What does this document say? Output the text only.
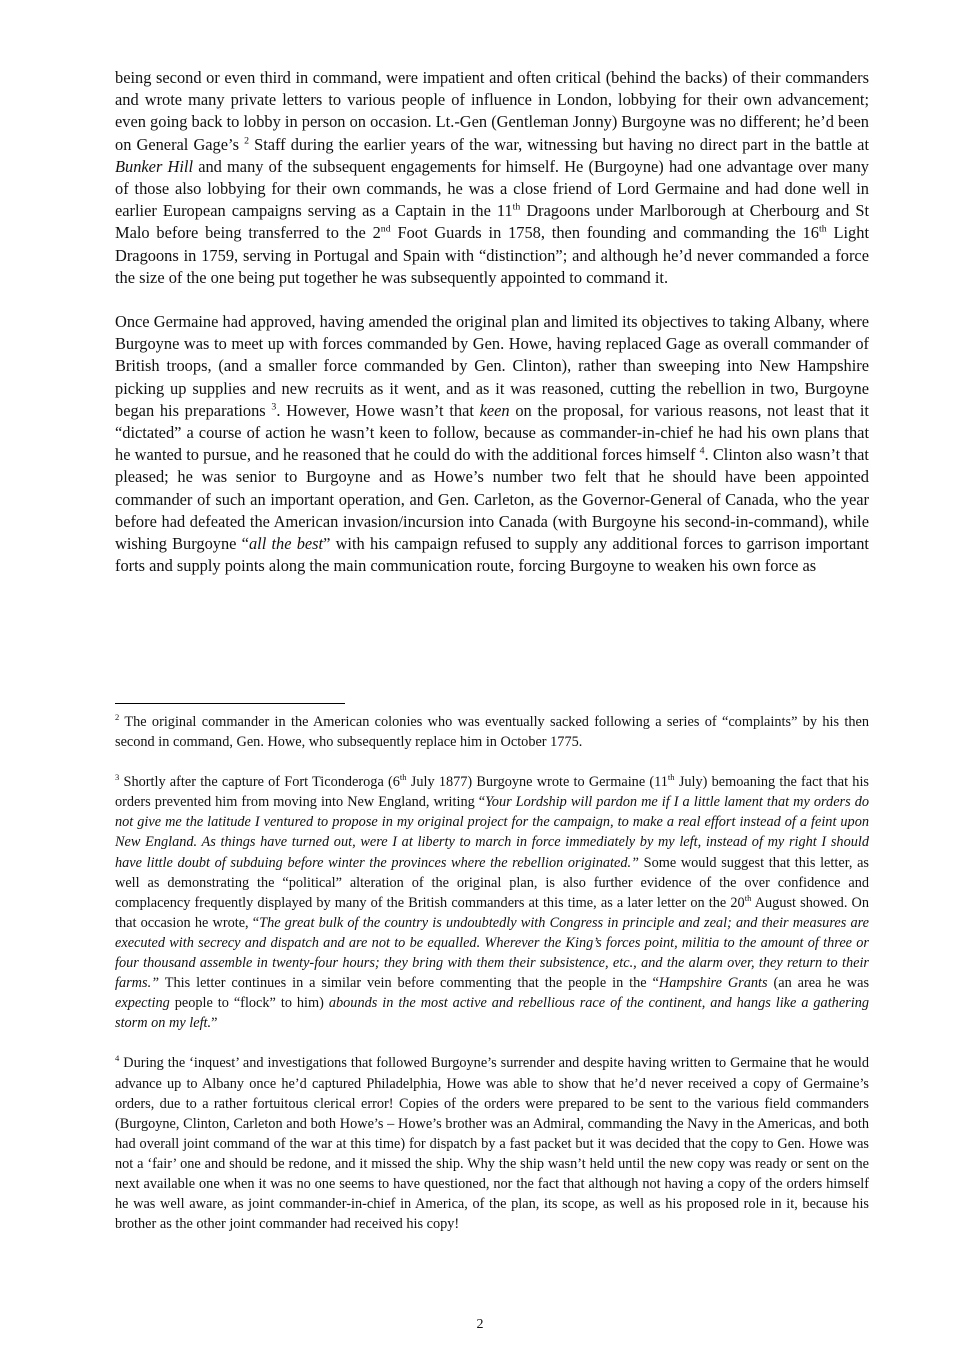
being second or even third in command, were impatient and often critical (behind the backs) of their commanders and wrote many private letters to various people of influence in London, lobbying for their own advancement; even going back to lobby in person on occasion. Lt.-Gen (Gentleman Jonny) Burgoyne was no different; he’d been on General Gage’s $^2$ Staff during the earlier years of the war, witnessing but having no direct part in the battle at Bunker Hill and many of the subsequent engagements for himself. He (Burgoyne) had one advantage over many of those also lobbying for their own commands, he was a close friend of Lord Germaine and had done well in earlier European campaigns serving as a Captain in the 11th Dragoons under Marlborough at Cherbourg and St Malo before being transferred to the 2nd Foot Guards in 1758, then founding and commanding the 16th Light Dragoons in 1759, serving in Portugal and Spain with “distinction”; and although he’d never commanded a force the size of the one being put together he was subsequently appointed to command it.

Once Germaine had approved, having amended the original plan and limited its objectives to taking Albany, where Burgoyne was to meet up with forces commanded by Gen. Howe, having replaced Gage as overall commander of British troops, (and a smaller force commanded by Gen. Clinton), rather than sweeping into New Hampshire picking up supplies and new recruits as it went, and as it was reasoned, cutting the rebellion in two, Burgoyne began his preparations $^3$. However, Howe wasn’t that keen on the proposal, for various reasons, not least that it “dictated” a course of action he wasn’t keen to follow, because as commander-in-chief he had his own plans that he wanted to pursue, and he reasoned that he could do with the additional forces himself $^4$. Clinton also wasn’t that pleased; he was senior to Burgoyne and as Howe’s number two felt that he should have been appointed commander of such an important operation, and Gen. Carleton, as the Governor-General of Canada, who the year before had defeated the American invasion/incursion into Canada (with Burgoyne his second-in-command), while wishing Burgoyne “all the best” with his campaign refused to supply any additional forces to garrison important forts and supply points along the main communication route, forcing Burgoyne to weaken his own force as

$^2$ The original commander in the American colonies who was eventually sacked following a series of “complaints” by his then second in command, Gen. Howe, who subsequently replace him in October 1775.

$^3$ Shortly after the capture of Fort Ticonderoga (6th July 1877) Burgoyne wrote to Germaine (11th July) bemoaning the fact that his orders prevented him from moving into New England, writing “Your Lordship will pardon me if I a little lament that my orders do not give me the latitude I ventured to propose in my original project for the campaign, to make a real effort instead of a feint upon New England. As things have turned out, were I at liberty to march in force immediately by my left, instead of my right I should have little doubt of subduing before winter the provinces where the rebellion originated.” Some would suggest that this letter, as well as demonstrating the “political” alteration of the original plan, is also further evidence of the over confidence and complacency frequently displayed by many of the British commanders at this time, as a later letter on the 20th August showed. On that occasion he wrote, “The great bulk of the country is undoubtedly with Congress in principle and zeal; and their measures are executed with secrecy and dispatch and are not to be equalled. Wherever the King’s forces point, militia to the amount of three or four thousand assemble in twenty-four hours; they bring with them their subsistence, etc., and the alarm over, they return to their farms.” This letter continues in a similar vein before commenting that the people in the “Hampshire Grants (an area he was expecting people to “flock” to him) abounds in the most active and rebellious race of the continent, and hangs like a gathering storm on my left.”

$^4$ During the ‘inquest’ and investigations that followed Burgoyne’s surrender and despite having written to Germaine that he would advance up to Albany once he’d captured Philadelphia, Howe was able to show that he’d never received a copy of Germaine’s orders, due to a rather fortuitous clerical error! Copies of the orders were prepared to be sent to the various field commanders (Burgoyne, Clinton, Carleton and both Howe’s – Howe’s brother was an Admiral, commanding the Navy in the Americas, and both had overall joint command of the war at this time) for dispatch by a fast packet but it was decided that the copy to Gen. Howe was not a ‘fair’ one and should be redone, and it missed the ship. Why the ship wasn’t held until the new copy was ready or sent on the next available one when it was no one seems to have questioned, nor the fact that although not having a copy of the orders himself he was well aware, as joint commander-in-chief in America, of the plan, its scope, as well as his proposed role in it, because his brother as the other joint commander had received his copy!

2
